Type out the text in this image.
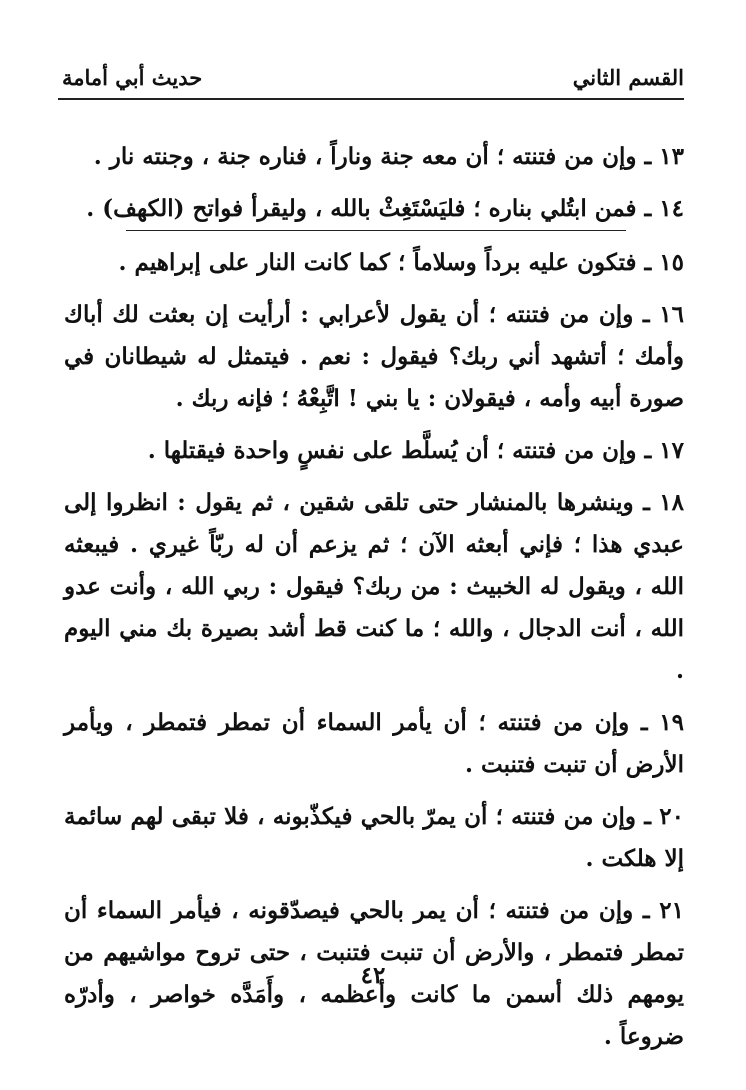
القسم الثاني
حديث أبي أمامة

١٣ ـ وإن من فتنته ؛ أن معه جنة وناراً ، فناره جنة ، وجنته نار .

١٤ ـ فمن ابتُلي بناره ؛ فليَسْتَغِثْ بالله ، وليقرأ فواتح (الكهف) .

١٥ ـ فتكون عليه برداً وسلاماً ؛ كما كانت النار على إبراهيم .

١٦ ـ وإن من فتنته ؛ أن يقول لأعرابي : أرأيت إن بعثت لك أباك وأمك ؛ أتشهد أني ربك؟ فيقول : نعم . فيتمثل له شيطانان في صورة أبيه وأمه ، فيقولان : يا بني ! اتَّبِعْهُ ؛ فإنه ربك .

١٧ ـ وإن من فتنته ؛ أن يُسلَّط على نفسٍ واحدة فيقتلها .

١٨ ـ وينشرها بالمنشار حتى تلقى شقين ، ثم يقول : انظروا إلى عبدي هذا ؛ فإني أبعثه الآن ؛ ثم يزعم أن له ربّاً غيري . فيبعثه الله ، ويقول له الخبيث : من ربك؟ فيقول : ربي الله ، وأنت عدو الله ، أنت الدجال ، والله ؛ ما كنت قط أشد بصيرة بك مني اليوم .

١٩ ـ وإن من فتنته ؛ أن يأمر السماء أن تمطر فتمطر ، ويأمر الأرض أن تنبت فتنبت .

٢٠ ـ وإن من فتنته ؛ أن يمرّ بالحي فيكذّبونه ، فلا تبقى لهم سائمة إلا هلكت .

٢١ ـ وإن من فتنته ؛ أن يمر بالحي فيصدّقونه ، فيأمر السماء أن تمطر فتمطر ، والأرض أن تنبت فتنبت ، حتى تروح مواشيهم من يومهم ذلك أسمن ما كانت وأعظمه ، وأَمَدَّه خواصر ، وأدرّه ضروعاً .

٤٢
